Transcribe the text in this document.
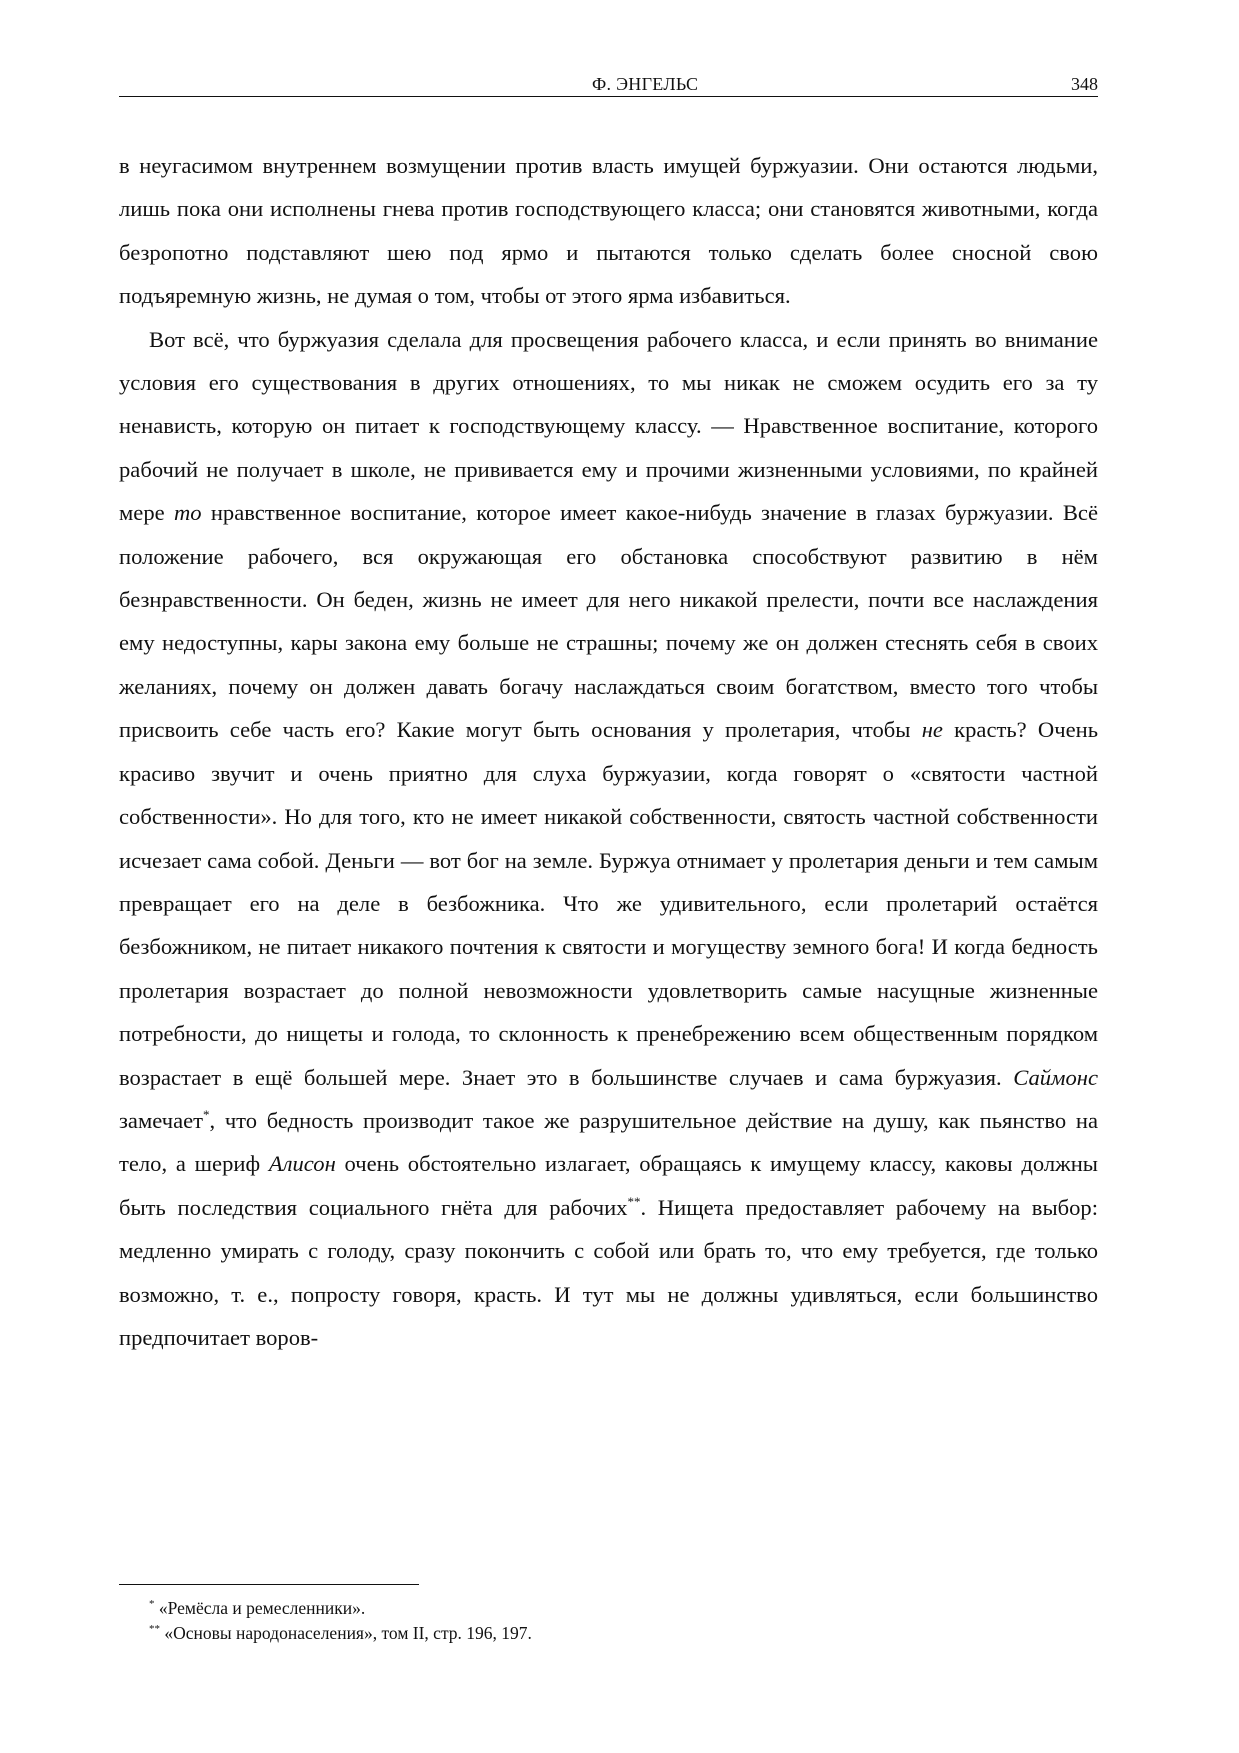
Ф. ЭНГЕЛЬС	348

в неугасимом внутреннем возмущении против власть имущей буржуазии. Они остаются людьми, лишь пока они исполнены гнева против господствующего класса; они становятся животными, когда безропотно подставляют шею под ярмо и пытаются только сделать более сносной свою подъяремную жизнь, не думая о том, чтобы от этого ярма избавиться.

Вот всё, что буржуазия сделала для просвещения рабочего класса, и если принять во внимание условия его существования в других отношениях, то мы никак не сможем осудить его за ту ненависть, которую он питает к господствующему классу. — Нравственное воспитание, которого рабочий не получает в школе, не прививается ему и прочими жизненными условиями, по крайней мере то нравственное воспитание, которое имеет какое-нибудь значение в глазах буржуазии. Всё положение рабочего, вся окружающая его обстановка способствуют развитию в нём безнравственности. Он беден, жизнь не имеет для него никакой прелести, почти все наслаждения ему недоступны, кары закона ему больше не страшны; почему же он должен стеснять себя в своих желаниях, почему он должен давать богачу наслаждаться своим богатством, вместо того чтобы присвоить себе часть его? Какие могут быть основания у пролетария, чтобы не красть? Очень красиво звучит и очень приятно для слуха буржуазии, когда говорят о «святости частной собственности». Но для того, кто не имеет никакой собственности, святость частной собственности исчезает сама собой. Деньги — вот бог на земле. Буржуа отнимает у пролетария деньги и тем самым превращает его на деле в безбожника. Что же удивительного, если пролетарий остаётся безбожником, не питает никакого почтения к святости и могуществу земного бога! И когда бедность пролетария возрастает до полной невозможности удовлетворить самые насущные жизненные потребности, до нищеты и голода, то склонность к пренебрежению всем общественным порядком возрастает в ещё большей мере. Знает это в большинстве случаев и сама буржуазия. Саймонс замечает*, что бедность производит такое же разрушительное действие на душу, как пьянство на тело, а шериф Алисон очень обстоятельно излагает, обращаясь к имущему классу, каковы должны быть последствия социального гнёта для рабочих**. Нищета предоставляет рабочему на выбор: медленно умирать с голоду, сразу покончить с собой или брать то, что ему требуется, где только возможно, т. е., попросту говоря, красть. И тут мы не должны удивляться, если большинство предпочитает воров-

* «Ремёсла и ремесленники».
** «Основы народонаселения», том II, стр. 196, 197.
